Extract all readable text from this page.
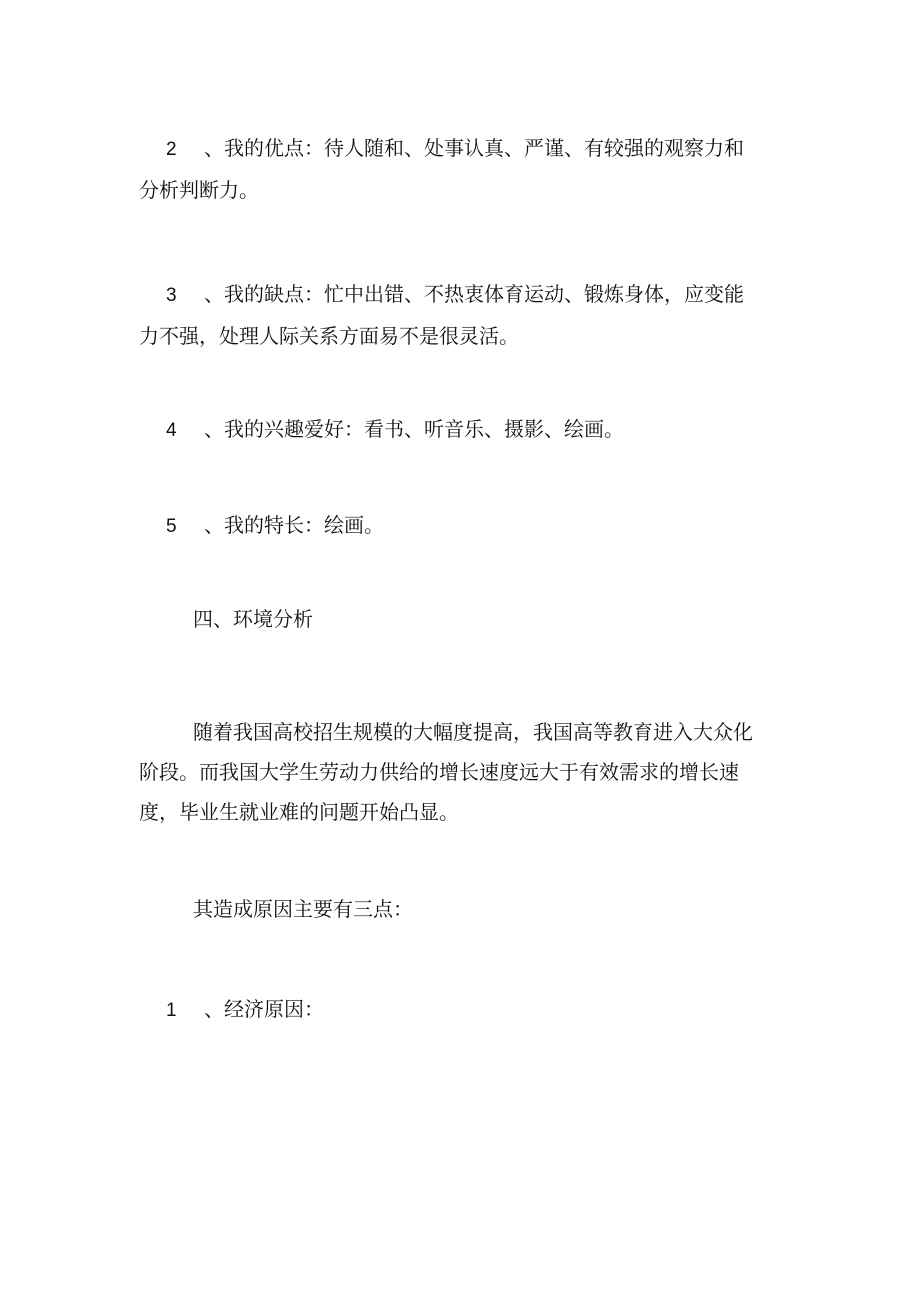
2 、我的优点：待人随和、处事认真、严谨、有较强的观察力和分析判断力。

3 、我的缺点：忙中出错、不热衷体育运动、锻炼身体，应变能力不强，处理人际关系方面易不是很灵活。

4 、我的兴趣爱好：看书、听音乐、摄影、绘画。

5 、我的特长：绘画。

四、环境分析

随着我国高校招生规模的大幅度提高，我国高等教育进入大众化阶段。而我国大学生劳动力供给的增长速度远大于有效需求的增长速度，毕业生就业难的问题开始凸显。

其造成原因主要有三点：

1 、经济原因：
